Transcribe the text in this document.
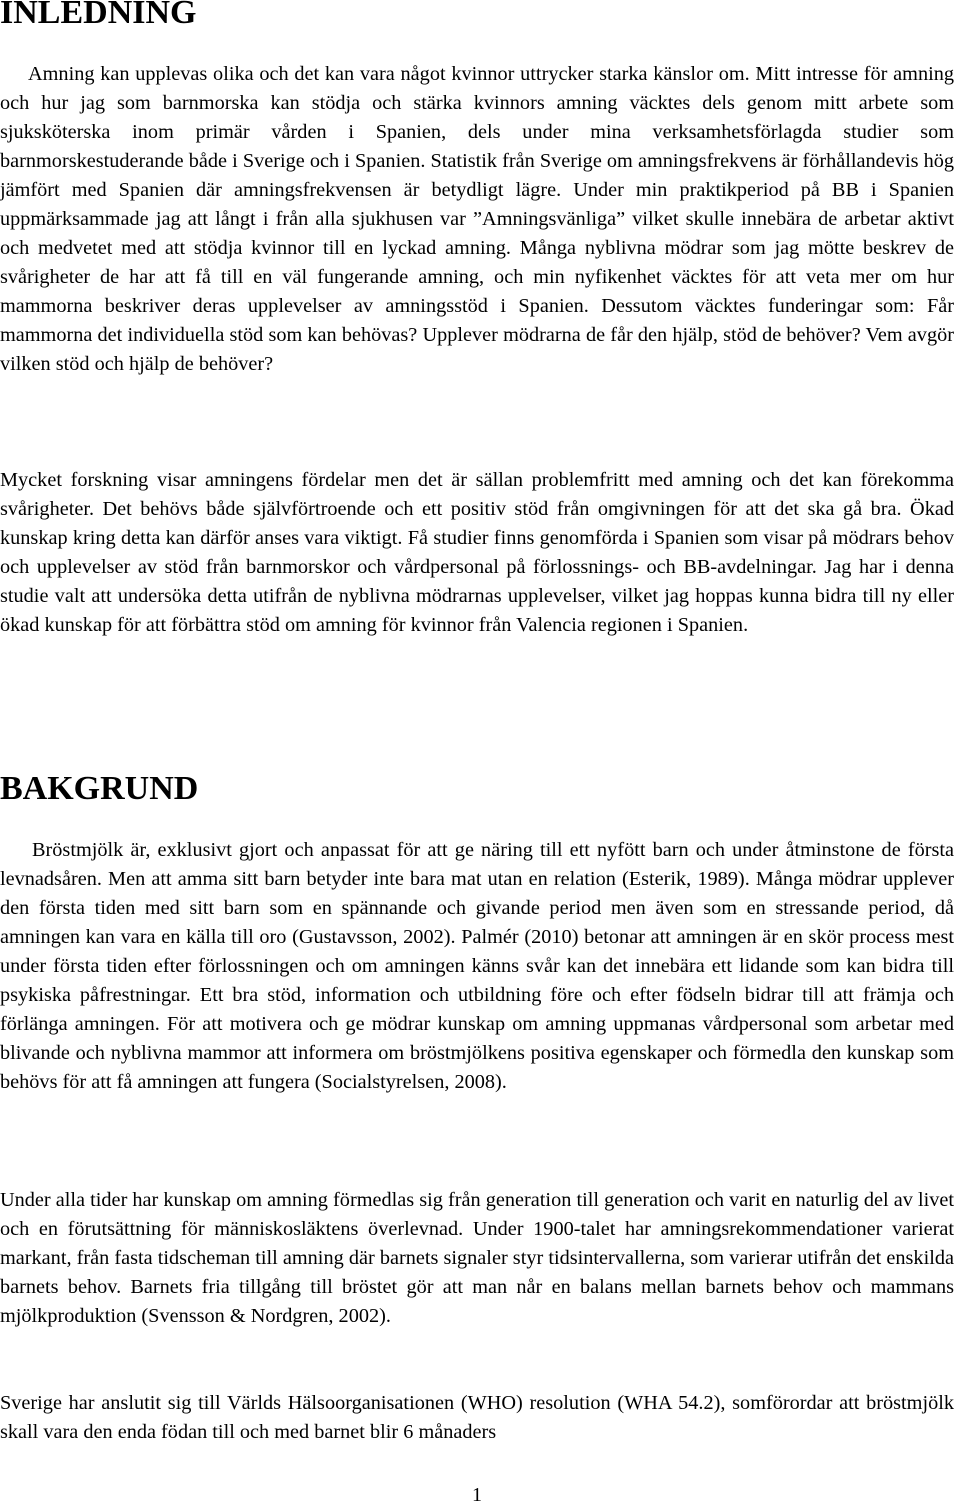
INLEDNING

Amning kan upplevas olika och det kan vara något kvinnor uttrycker starka känslor om. Mitt intresse för amning och hur jag som barnmorska kan stödja och stärka kvinnors amning väcktes dels genom mitt arbete som sjuksköterska inom primär vården i Spanien, dels under mina verksamhetsförlagda studier som barnmorskestuderande både i Sverige och i Spanien. Statistik från Sverige om amningsfrekvens är förhållandevis hög jämfört med Spanien där amningsfrekvensen är betydligt lägre. Under min praktikperiod på BB i Spanien uppmärksammade jag att långt i från alla sjukhusen var ”Amningsvänliga” vilket skulle innebära de arbetar aktivt och medvetet med att stödja kvinnor till en lyckad amning. Många nyblivna mödrar som jag mötte beskrev de svårigheter de har att få till en väl fungerande amning, och min nyfikenhet väcktes för att veta mer om hur mammorna beskriver deras upplevelser av amningsstöd i Spanien. Dessutom väcktes funderingar som: Får mammorna det individuella stöd som kan behövas? Upplever mödrarna de får den hjälp, stöd de behöver? Vem avgör vilken stöd och hjälp de behöver?

Mycket forskning visar amningens fördelar men det är sällan problemfritt med amning och det kan förekomma svårigheter. Det behövs både självförtroende och ett positiv stöd från omgivningen för att det ska gå bra. Ökad kunskap kring detta kan därför anses vara viktigt. Få studier finns genomförda i Spanien som visar på mödrars behov och upplevelser av stöd från barnmorskor och vårdpersonal på förlossnings- och BB-avdelningar. Jag har i denna studie valt att undersöka detta utifrån de nyblivna mödrarnas upplevelser, vilket jag hoppas kunna bidra till ny eller ökad kunskap för att förbättra stöd om amning för kvinnor från Valencia regionen i Spanien.

BAKGRUND

Bröstmjölk är, exklusivt gjort och anpassat för att ge näring till ett nyfött barn och under åtminstone de första levnadsåren. Men att amma sitt barn betyder inte bara mat utan en relation (Esterik, 1989). Många mödrar upplever den första tiden med sitt barn som en spännande och givande period men även som en stressande period, då amningen kan vara en källa till oro (Gustavsson, 2002). Palmér (2010) betonar att amningen är en skör process mest under första tiden efter förlossningen och om amningen känns svår kan det innebära ett lidande som kan bidra till psykiska påfrestningar. Ett bra stöd, information och utbildning före och efter födseln bidrar till att främja och förlänga amningen. För att motivera och ge mödrar kunskap om amning uppmanas vårdpersonal som arbetar med blivande och nyblivna mammor att informera om bröstmjölkens positiva egenskaper och förmedla den kunskap som behövs för att få amningen att fungera (Socialstyrelsen, 2008).

Under alla tider har kunskap om amning förmedlas sig från generation till generation och varit en naturlig del av livet och en förutsättning för människosläktens överlevnad. Under 1900-talet har amningsrekommendationer varierat markant, från fasta tidscheman till amning där barnets signaler styr tidsintervallerna, som varierar utifrån det enskilda barnets behov. Barnets fria tillgång till bröstet gör att man når en balans mellan barnets behov och mammans mjölkproduktion (Svensson & Nordgren, 2002).

Sverige har anslutit sig till Världs Hälsoorganisationen (WHO) resolution (WHA 54.2), somförordar att bröstmjölk skall vara den enda födan till och med barnet blir 6 månaders

1
